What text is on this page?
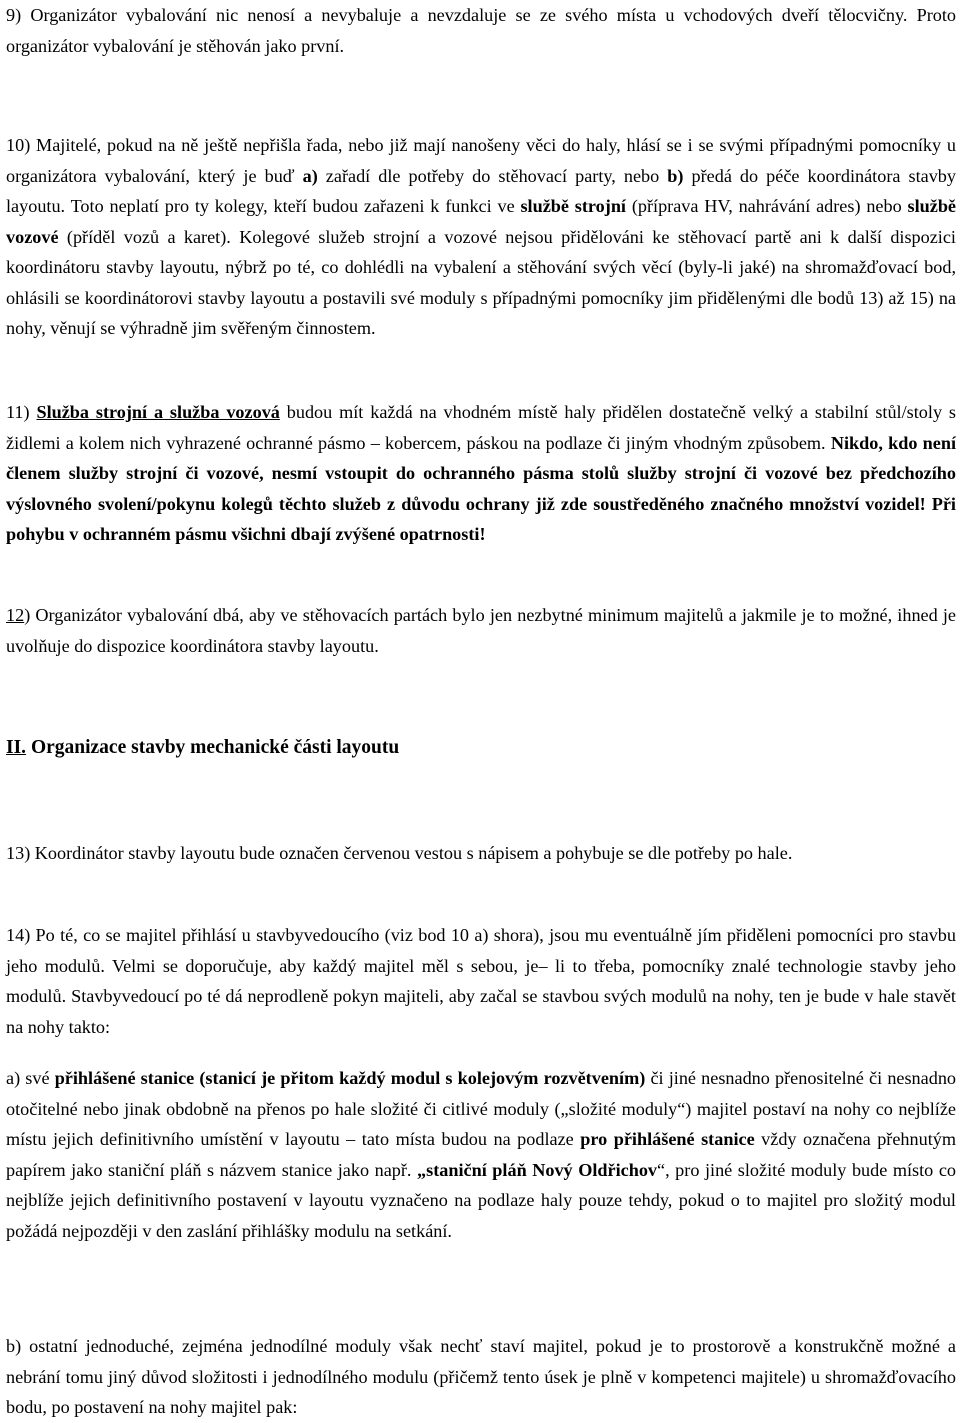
9) Organizátor vybalování nic nenosí a nevybaluje a nevzdaluje se ze svého místa u vchodových dveří tělocvičny. Proto organizátor vybalování je stěhován jako první.

10) Majitelé, pokud na ně ještě nepřišla řada, nebo již mají nanošeny věci do haly, hlásí se i se svými případnými pomocníky u organizátora vybalování, který je buď a) zařadí dle potřeby do stěhovací party, nebo b) předá do péče koordinátora stavby layoutu. Toto neplatí pro ty kolegy, kteří budou zařazeni k funkci ve službě strojní (příprava HV, nahrávání adres) nebo službě vozové (příděl vozů a karet). Kolegové služeb strojní a vozové nejsou přidělováni ke stěhovací partě ani k další dispozici koordinátoru stavby layoutu, nýbrž po té, co dohlédli na vybalení a stěhování svých věcí (byly-li jaké) na shromažďovací bod, ohlásili se koordinátorovi stavby layoutu a postavili své moduly s případnými pomocníky jim přidělenými dle bodů 13) až 15) na nohy, věnují se výhradně jim svěřeným činnostem.

11) Služba strojní a služba vozová budou mít každá na vhodném místě haly přidělen dostatečně velký a stabilní stůl/stoly s židlemi a kolem nich vyhrazené ochranné pásmo – kobercem, páskou na podlaze či jiným vhodným způsobem. Nikdo, kdo není členem služby strojní či vozové, nesmí vstoupit do ochranného pásma stolů služby strojní či vozové bez předchozího výslovného svolení/pokynu kolegů těchto služeb z důvodu ochrany již zde soustředěného značného množství vozidel! Při pohybu v ochranném pásmu všichni dbají zvýšené opatrnosti!

12) Organizátor vybalování dbá, aby ve stěhovacích partách bylo jen nezbytné minimum majitelů a jakmile je to možné, ihned je uvolňuje do dispozice koordinátora stavby layoutu.

II. Organizace stavby mechanické části layoutu

13) Koordinátor stavby layoutu bude označen červenou vestou s nápisem a pohybuje se dle potřeby po hale.

14) Po té, co se majitel přihlásí u stavbyvedoucího (viz bod 10 a) shora), jsou mu eventuálně jím přiděleni pomocníci pro stavbu jeho modulů. Velmi se doporučuje, aby každý majitel měl s sebou, je– li to třeba, pomocníky znalé technologie stavby jeho modulů. Stavbyvedoucí po té dá neprodleně pokyn majiteli, aby začal se stavbou svých modulů na nohy, ten je bude v hale stavět na nohy takto:

a) své přihlášené stanice (stanicí je přitom každý modul s kolejovým rozvětvením) či jiné nesnadno přenositelné či nesnadno otočitelné nebo jinak obdobně na přenos po hale složité či citlivé moduly („složité moduly“) majitel postaví na nohy co nejblíže místu jejich definitivního umístění v layoutu – tato místa budou na podlaze pro přihlášené stanice vždy označena přehnutým papírem jako staniční pláň s názvem stanice jako např. „staniční pláň Nový Oldřichov“, pro jiné složité moduly bude místo co nejblíže jejich definitivního postavení v layoutu vyznačeno na podlaze haly pouze tehdy, pokud o to majitel pro složitý modul požádá nejpozději v den zaslání přihlášky modulu na setkání.

b) ostatní jednoduché, zejména jednodílné moduly však nechť staví majitel, pokud je to prostorově a konstrukčně možné a nebrání tomu jiný důvod složitosti i jednodílného modulu (přičemž tento úsek je plně v kompetenci majitele) u shromažďovacího bodu, po postavení na nohy majitel pak:
